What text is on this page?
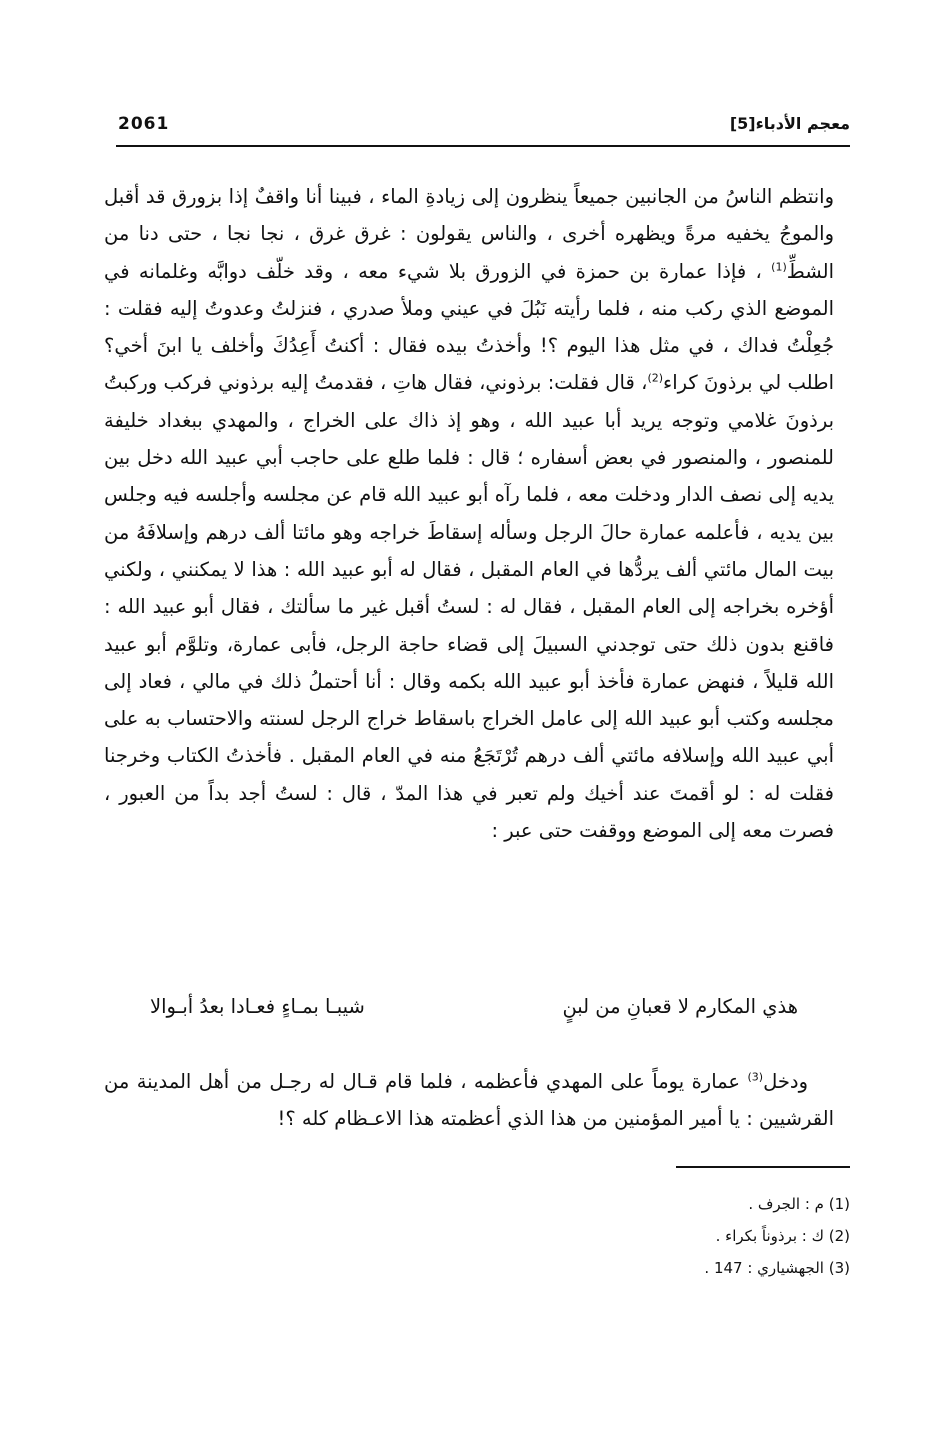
2061	معجم الأدباء[5]

وانتظم الناسُ من الجانبين جميعاً ينظرون إلى زيادةِ الماء ، فبينا أنا واقفٌ إذا بزورق قد أقبل والموجُ يخفيه مرةً ويظهره أخرى ، والناس يقولون : غرق غرق ، نجا نجا ، حتى دنا من الشطِّ$^{(1)}$ ، فإذا عمارة بن حمزة في الزورق بلا شيء معه ، وقد خلّف دوابَّه وغلمانه في الموضع الذي ركب منه ، فلما رأيته نَبُلَ في عيني وملأ صدري ، فنزلتُ وعدوتُ إليه فقلت : جُعِلْتُ فداك ، في مثل هذا اليوم ؟! وأخذتُ بيده فقال : أكنتُ أَعِدُكَ وأخلف يا ابنَ أخي؟ اطلب لي برذونَ كراء$^{(2)}$، قال فقلت: برذوني، فقال هاتِ ، فقدمتُ إليه برذوني فركب وركبتُ برذونَ غلامي وتوجه يريد أبا عبيد الله ، وهو إذ ذاك على الخراج ، والمهدي ببغداد خليفة للمنصور ، والمنصور في بعض أسفاره ؛ قال : فلما طلع على حاجب أبي عبيد الله دخل بين يديه إلى نصف الدار ودخلت معه ، فلما رآه أبو عبيد الله قام عن مجلسه وأجلسه فيه وجلس بين يديه ، فأعلمه عمارة حالَ الرجل وسأله إسقاطَ خراجه وهو مائتا ألف درهم وإسلافَهُ من بيت المال مائتي ألف يردُّها في العام المقبل ، فقال له أبو عبيد الله : هذا لا يمكنني ، ولكني أؤخره بخراجه إلى العام المقبل ، فقال له : لستُ أقبل غير ما سألتك ، فقال أبو عبيد الله : فاقنع بدون ذلك حتى توجدني السبيلَ إلى قضاء حاجة الرجل، فأبى عمارة، وتلوَّم أبو عبيد الله قليلاً ، فنهض عمارة فأخذ أبو عبيد الله بكمه وقال : أنا أحتملُ ذلك في مالي ، فعاد إلى مجلسه وكتب أبو عبيد الله إلى عامل الخراج باسقاط خراج الرجل لسنته والاحتساب به على أبي عبيد الله وإسلافه مائتي ألف درهم تُرْتَجَعُ منه في العام المقبل . فأخذتُ الكتاب وخرجنا فقلت له : لو أقمتَ عند أخيك ولم تعبر في هذا المدّ ، قال : لستُ أجد بداً من العبور ، فصرت معه إلى الموضع ووقفت حتى عبر :

هذي المكارم لا قعبانِ من لبنٍ
شيبـا بمـاءٍ فعـادا بعدُ أبـوالا

ودخل$^{(3)}$ عمارة يوماً على المهدي فأعظمه ، فلما قام قـال له رجـل من أهل المدينة من القرشيين : يا أمير المؤمنين من هذا الذي أعظمته هذا الاعـظام كله ؟!

(1) م : الجرف .

(2) ك : برذوناً بكراء .

(3) الجهشياري : 147 .
